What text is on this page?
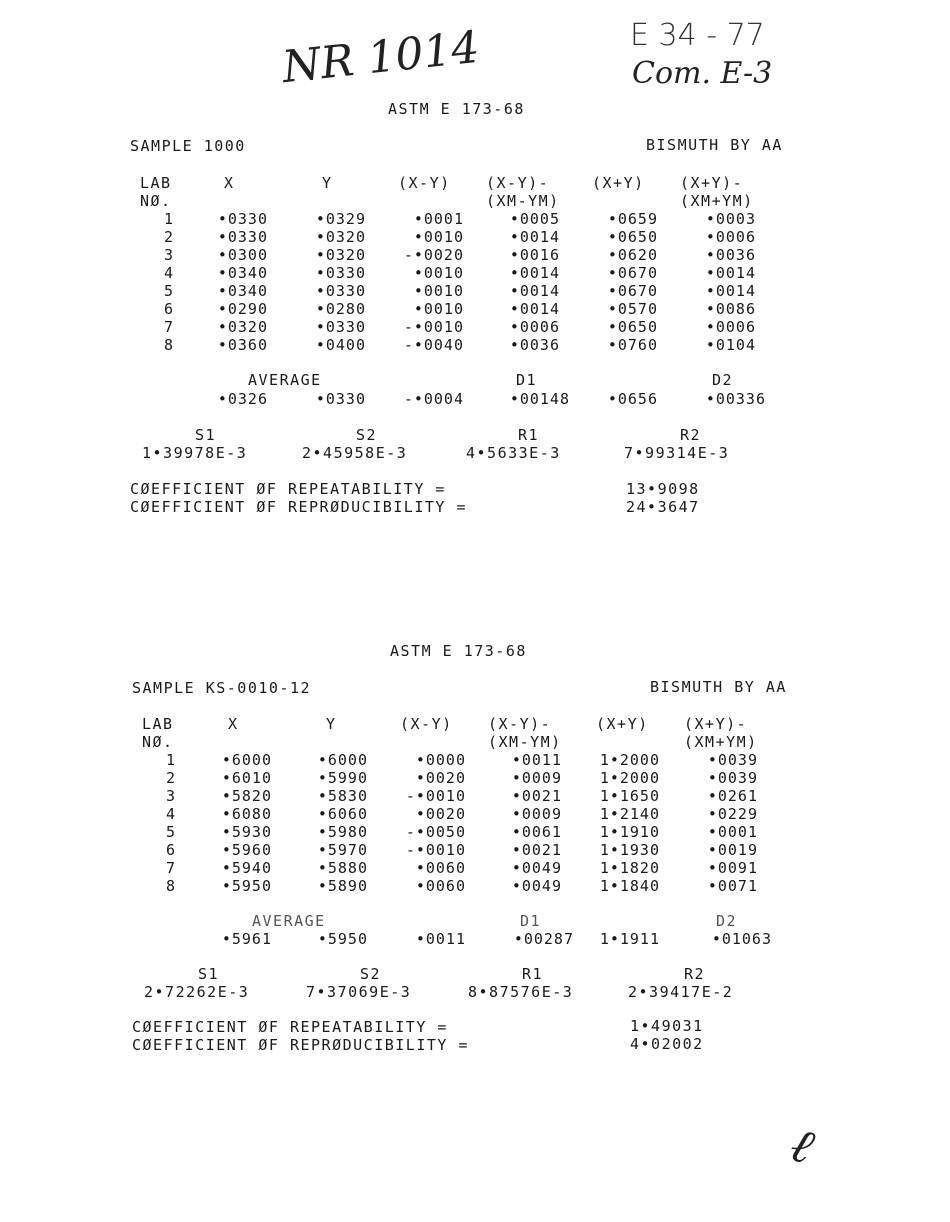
NR 1014	E 34 - 77
Com. E-3
ℓ
ASTM E 173-68
SAMPLE 1000	BISMUTH BY AA
LAB	X	Y	(X-Y) (X-Y)-	(X+Y) (X+Y)-
NØ.	(XM-YM)	(XM+YM)
1	•0330	•0329	•0001	•0005	•0659	•0003
2	•0330	•0320	•0010	•0014	•0650	•0006
3	•0300	•0320	-•0020	•0016	•0620	•0036
4	•0340	•0330	•0010	•0014	•0670	•0014
5	•0340	•0330	•0010	•0014	•0670	•0014
6	•0290	•0280	•0010	•0014	•0570	•0086
7	•0320	•0330	-•0010	•0006	•0650	•0006
8	•0360	•0400	-•0040	•0036	•0760	•0104
AVERAGE	D1	D2
•0326	•0330	-•0004	•00148	•0656	•00336
S1	S2	R1	R2
1•39978E-3	2•45958E-3	4•5633E-3	7•99314E-3
CØEFFICIENT ØF REPEATABILITY =	13•9098
CØEFFICIENT ØF REPRØDUCIBILITY =	24•3647
ASTM E 173-68
SAMPLE KS-0010-12	BISMUTH BY AA
LAB	X	Y	(X-Y) (X-Y)-	(X+Y) (X+Y)-
NØ.	(XM-YM)	(XM+YM)
1	•6000	•6000	•0000	•0011	1•2000	•0039
2	•6010	•5990	•0020	•0009	1•2000	•0039
3	•5820	•5830	-•0010	•0021	1•1650	•0261
4	•6080	•6060	•0020	•0009	1•2140	•0229
5	•5930	•5980	-•0050	•0061	1•1910	•0001
6	•5960	•5970	-•0010	•0021	1•1930	•0019
7	•5940	•5880	•0060	•0049	1•1820	•0091
8	•5950	•5890	•0060	•0049	1•1840	•0071
AVERAGE	D1	D2
•5961	•5950	•0011	•00287 1•1911	•01063
S1	S2	R1	R2
2•72262E-3	7•37069E-3	8•87576E-3	2•39417E-2
CØEFFICIENT ØF REPEATABILITY =	1•49031
CØEFFICIENT ØF REPRØDUCIBILITY =	4•02002
